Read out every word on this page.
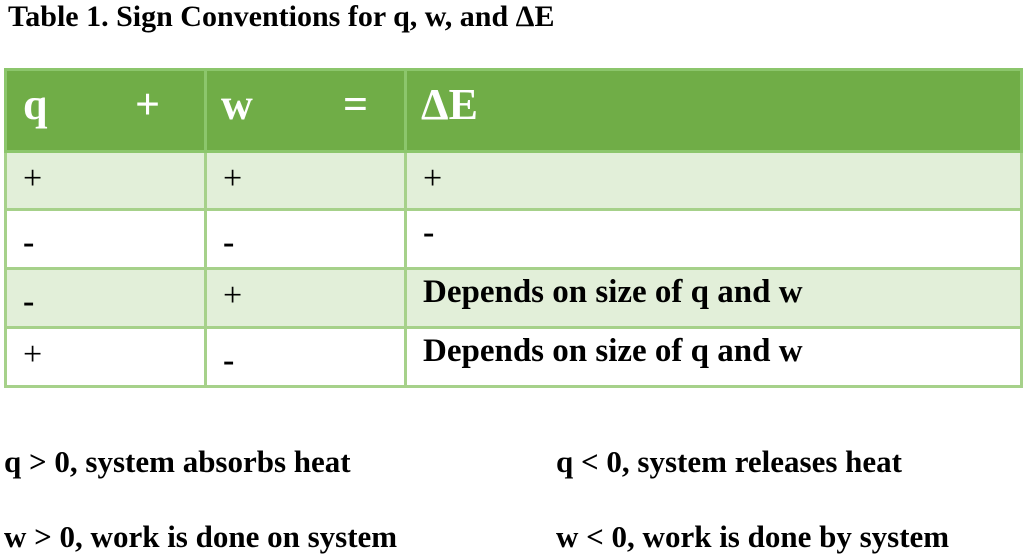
Table 1. Sign Conventions for q, w, and ΔE
q +	w =	ΔE

+	+	+

-	-	-

-	+	Depends on size of q and w

+	-	Depends on size of q and w
q > 0, system absorbs heat	q < 0, system releases heat
w > 0, work is done on system	w < 0, work is done by system
